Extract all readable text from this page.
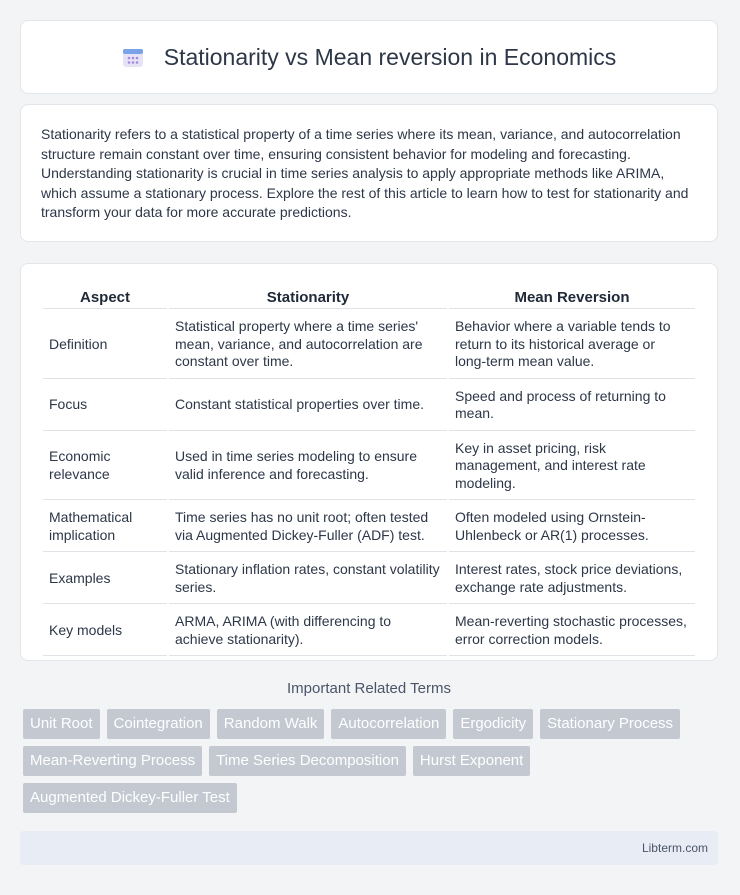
Stationarity vs Mean reversion in Economics

Stationarity refers to a statistical property of a time series where its mean, variance, and autocorrelation structure remain constant over time, ensuring consistent behavior for modeling and forecasting. Understanding stationarity is crucial in time series analysis to apply appropriate methods like ARIMA, which assume a stationary process. Explore the rest of this article to learn how to test for stationarity and transform your data for more accurate predictions.

Aspect	Stationarity	Mean Reversion
Definition	Statistical property where a time series' mean, variance, and autocorrelation are constant over time.	Behavior where a variable tends to return to its historical average or long-term mean value.
Focus	Constant statistical properties over time.	Speed and process of returning to mean.
Economic relevance	Used in time series modeling to ensure valid inference and forecasting.	Key in asset pricing, risk management, and interest rate modeling.
Mathematical implication	Time series has no unit root; often tested via Augmented Dickey-Fuller (ADF) test.	Often modeled using Ornstein-Uhlenbeck or AR(1) processes.
Examples	Stationary inflation rates, constant volatility series.	Interest rates, stock price deviations, exchange rate adjustments.
Key models	ARMA, ARIMA (with differencing to achieve stationarity).	Mean-reverting stochastic processes, error correction models.
Important Related Terms
Unit Root	Cointegration	Random Walk	Autocorrelation	Ergodicity	Stationary Process
Mean-Reverting Process	Time Series Decomposition	Hurst Exponent
Augmented Dickey-Fuller Test
Libterm.com
